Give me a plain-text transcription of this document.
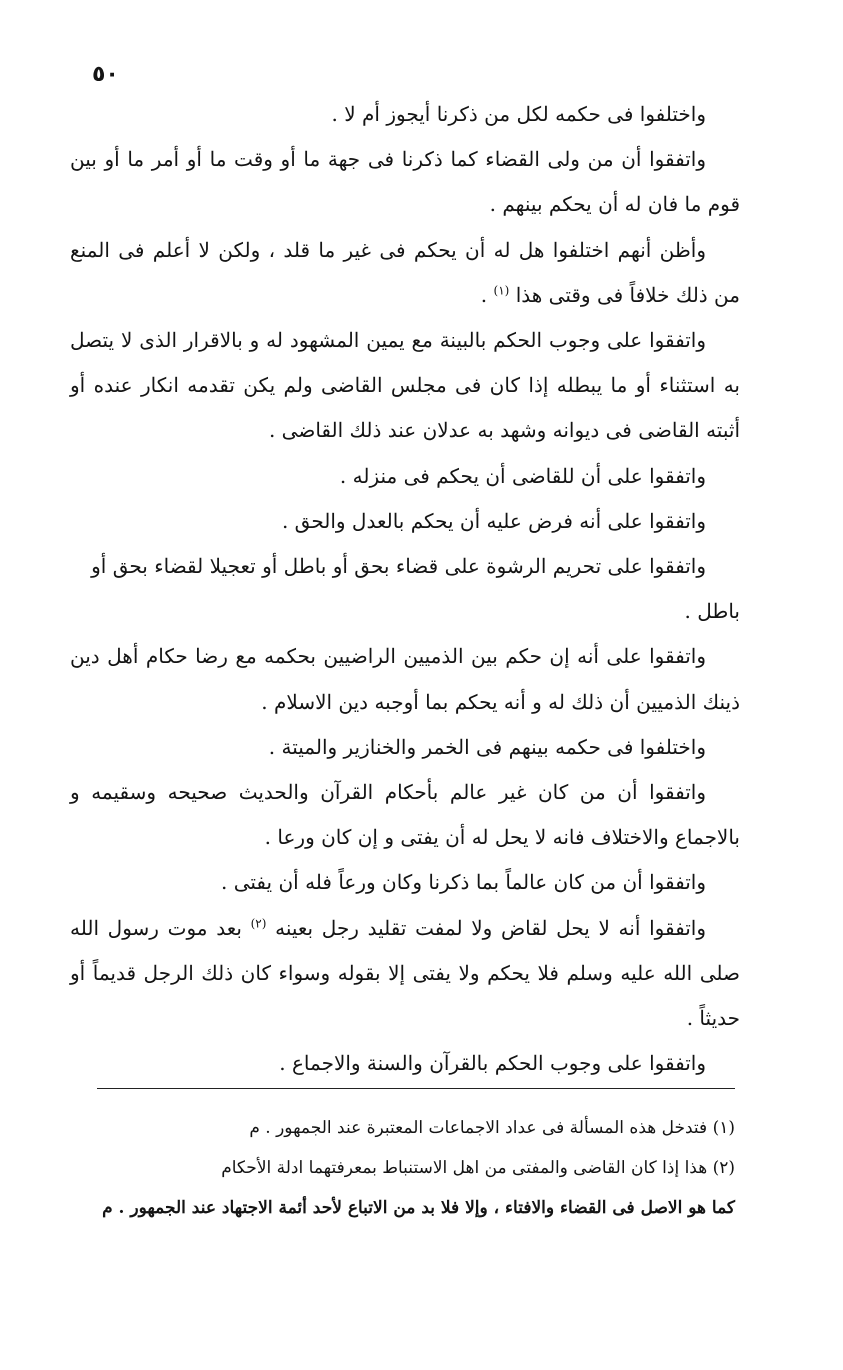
٥٠

واختلفوا فى حكمه لكل من ذكرنا أيجوز أم لا .

واتفقوا أن من ولى القضاء كما ذكرنا فى جهة ما أو وقت ما أو أمر ما أو بين قوم ما فان له أن يحكم بينهم .

وأظن أنهم اختلفوا هل له أن يحكم فى غير ما قلد ، ولكن لا أعلم فى المنع من ذلك خلافاً فى وقتى هذا $^{(١)}$ .

واتفقوا على وجوب الحكم بالبينة مع يمين المشهود له و بالاقرار الذى لا يتصل به استثناء أو ما يبطله إذا كان فى مجلس القاضى ولم يكن تقدمه انكار عنده أو أثبته القاضى فى ديوانه وشهد به عدلان عند ذلك القاضى .

واتفقوا على أن للقاضى أن يحكم فى منزله .

واتفقوا على أنه فرض عليه أن يحكم بالعدل والحق .

واتفقوا على تحريم الرشوة على قضاء بحق أو باطل أو تعجيلا لقضاء بحق أو باطل .

واتفقوا على أنه إن حكم بين الذميين الراضيين بحكمه مع رضا حكام أهل دين ذينك الذميين أن ذلك له و أنه يحكم بما أوجبه دين الاسلام .

واختلفوا فى حكمه بينهم فى الخمر والخنازير والميتة .

واتفقوا أن من كان غير عالم بأحكام القرآن والحديث صحيحه وسقيمه و بالاجماع والاختلاف فانه لا يحل له أن يفتى و إن كان ورعا .

واتفقوا أن من كان عالماً بما ذكرنا وكان ورعاً فله أن يفتى .

واتفقوا أنه لا يحل لقاض ولا لمفت تقليد رجل بعينه $^{(٢)}$ بعد موت رسول الله صلى الله عليه وسلم فلا يحكم ولا يفتى إلا بقوله وسواء كان ذلك الرجل قديماً أو حديثاً .

واتفقوا على وجوب الحكم بالقرآن والسنة والاجماع .

(١) فتدخل هذه المسألة فى عداد الاجماعات المعتبرة عند الجمهور . م

(٢) هذا إذا كان القاضى والمفتى من اهل الاستنباط بمعرفتهما ادلة الأحكام

كما هو الاصل فى القضاء والافتاء ، وإلا فلا بد من الاتباع لأحد أئمة الاجتهاد عند الجمهور . م
